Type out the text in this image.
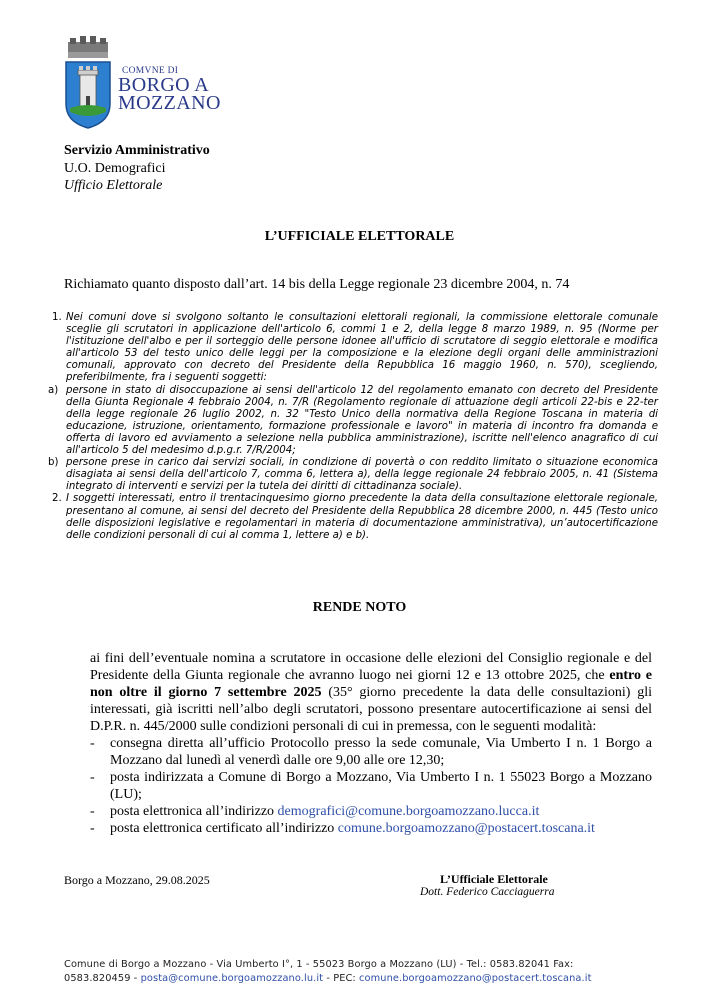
COMVNE DI
BORGO A
MOZZANO
Servizio Amministrativo
U.O. Demografici
Ufficio Elettorale
L’UFFICIALE ELETTORALE
Richiamato quanto disposto dall’art. 14 bis della Legge regionale 23 dicembre 2004, n. 74
1. Nei comuni dove si svolgono soltanto le consultazioni elettorali regionali, la commissione elettorale comunale sceglie gli scrutatori in applicazione dell'articolo 6, commi 1 e 2, della legge 8 marzo 1989, n. 95 (Norme per l'istituzione dell'albo e per il sorteggio delle persone idonee all'ufficio di scrutatore di seggio elettorale e modifica all'articolo 53 del testo unico delle leggi per la composizione e la elezione degli organi delle amministrazioni comunali, approvato con decreto del Presidente della Repubblica 16 maggio 1960, n. 570), scegliendo, preferibilmente, fra i seguenti soggetti:
a) persone in stato di disoccupazione ai sensi dell'articolo 12 del regolamento emanato con decreto del Presidente della Giunta Regionale 4 febbraio 2004, n. 7/R (Regolamento regionale di attuazione degli articoli 22-bis e 22-ter della legge regionale 26 luglio 2002, n. 32 "Testo Unico della normativa della Regione Toscana in materia di educazione, istruzione, orientamento, formazione professionale e lavoro" in materia di incontro fra domanda e offerta di lavoro ed avviamento a selezione nella pubblica amministrazione), iscritte nell'elenco anagrafico di cui all'articolo 5 del medesimo d.p.g.r. 7/R/2004;
b) persone prese in carico dai servizi sociali, in condizione di povertà o con reddito limitato o situazione economica disagiata ai sensi della dell'articolo 7, comma 6, lettera a), della legge regionale 24 febbraio 2005, n. 41 (Sistema integrato di interventi e servizi per la tutela dei diritti di cittadinanza sociale).
2. I soggetti interessati, entro il trentacinquesimo giorno precedente la data della consultazione elettorale regionale, presentano al comune, ai sensi del decreto del Presidente della Repubblica 28 dicembre 2000, n. 445 (Testo unico delle disposizioni legislative e regolamentari in materia di documentazione amministrativa), un’autocertificazione delle condizioni personali di cui al comma 1, lettere a) e b).
RENDE NOTO
ai fini dell’eventuale nomina a scrutatore in occasione delle elezioni del Consiglio regionale e del Presidente della Giunta regionale che avranno luogo nei giorni 12 e 13 ottobre 2025, che entro e non oltre il giorno 7 settembre 2025 (35° giorno precedente la data delle consultazioni) gli interessati, già iscritti nell’albo degli scrutatori, possono presentare autocertificazione ai sensi del D.P.R. n. 445/2000 sulle condizioni personali di cui in premessa, con le seguenti modalità:
- consegna diretta all’ufficio Protocollo presso la sede comunale, Via Umberto I n. 1 Borgo a Mozzano dal lunedì al venerdì dalle ore 9,00 alle ore 12,30;
- posta indirizzata a Comune di Borgo a Mozzano, Via Umberto I n. 1 55023 Borgo a Mozzano (LU);
- posta elettronica all’indirizzo demografici@comune.borgoamozzano.lucca.it
- posta elettronica certificato all’indirizzo comune.borgoamozzano@postacert.toscana.it
Borgo a Mozzano, 29.08.2025	L’Ufficiale Elettorale
Dott. Federico Cacciaguerra
Comune di Borgo a Mozzano - Via Umberto I°, 1 - 55023 Borgo a Mozzano (LU) - Tel.: 0583.82041 Fax:
0583.820459 - posta@comune.borgoamozzano.lu.it - PEC: comune.borgoamozzano@postacert.toscana.it
